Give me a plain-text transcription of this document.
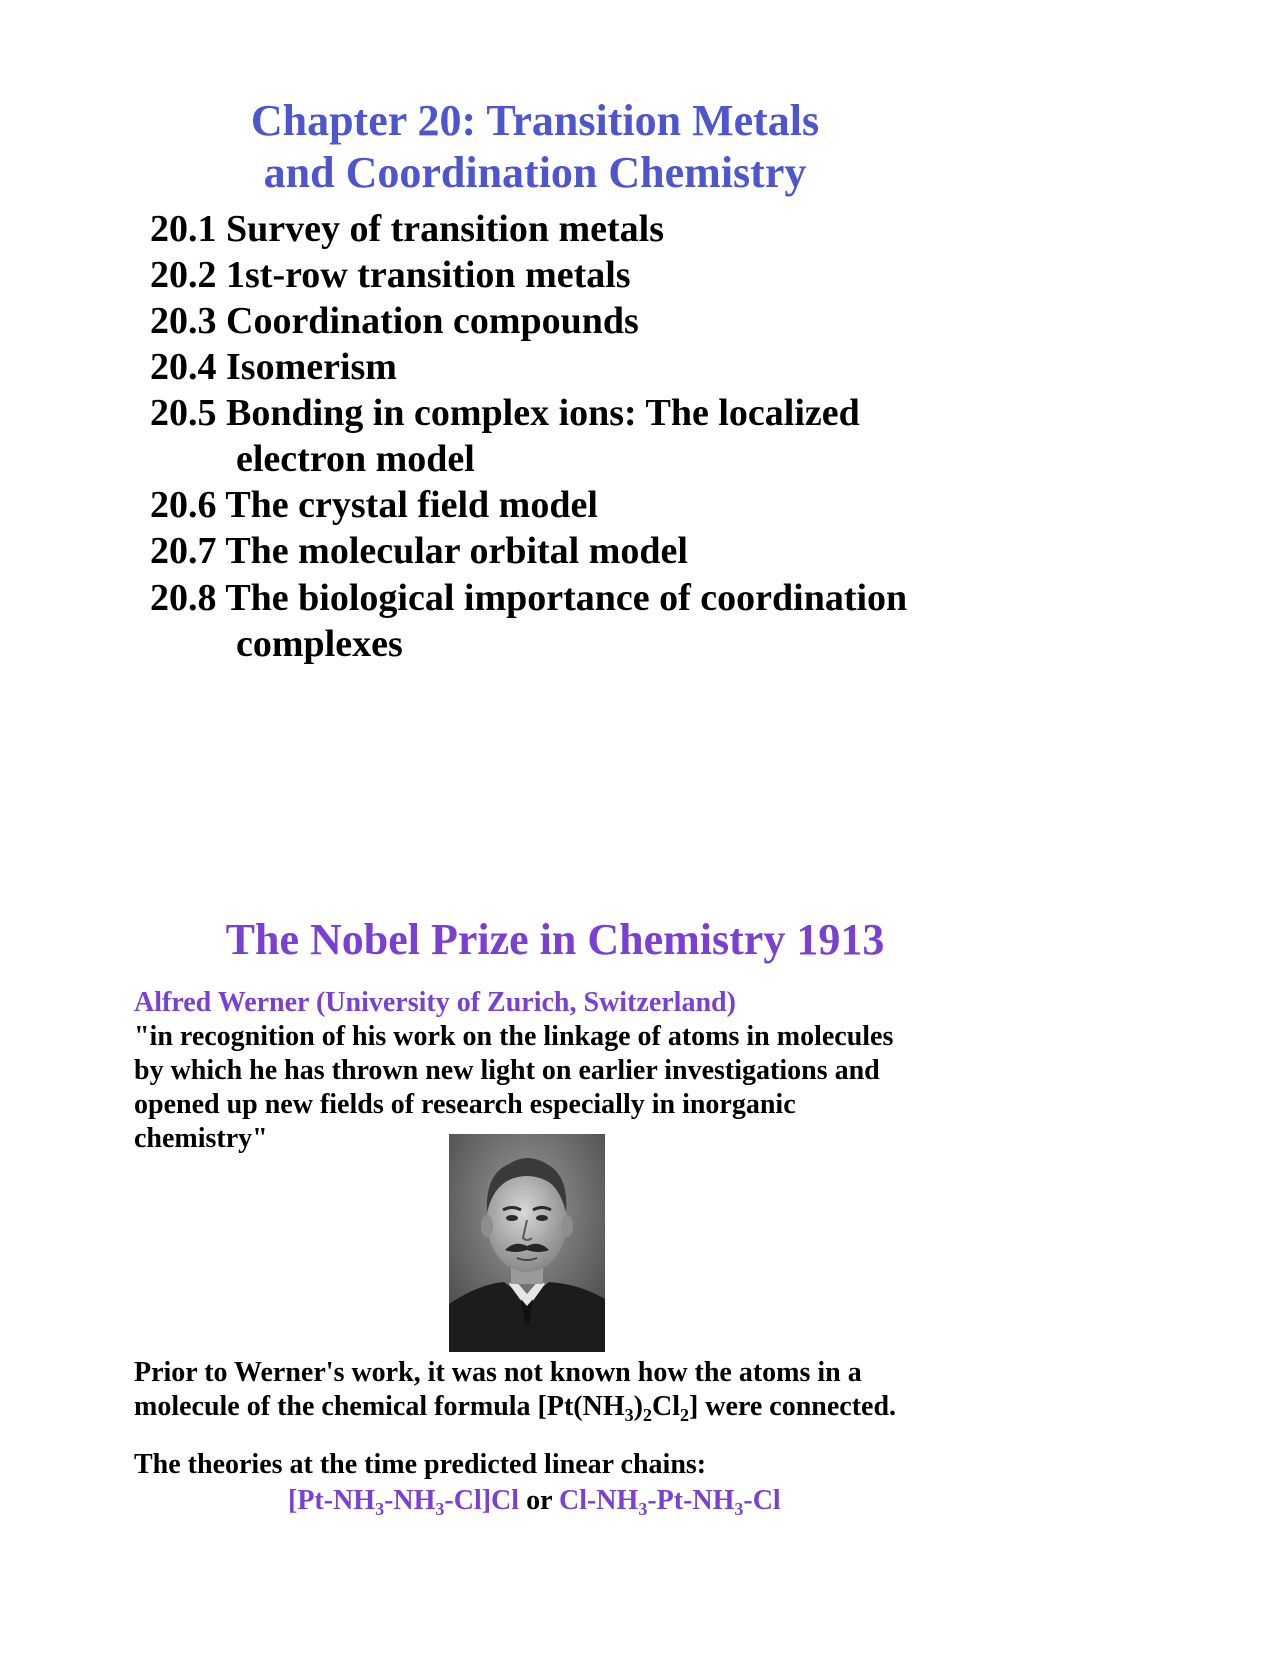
Chapter 20: Transition Metals
and Coordination Chemistry
20.1 Survey of transition metals
20.2 1st-row transition metals
20.3 Coordination compounds
20.4 Isomerism
20.5 Bonding in complex ions: The localized
electron model
20.6 The crystal field model
20.7 The molecular orbital model
20.8 The biological importance of coordination
complexes
The Nobel Prize in Chemistry 1913
Alfred Werner (University of Zurich, Switzerland)
"in recognition of his work on the linkage of atoms in molecules
by which he has thrown new light on earlier investigations and
opened up new fields of research especially in inorganic
chemistry"
Prior to Werner's work, it was not known how the atoms in a
molecule of the chemical formula $[Pt(NH_3)_2Cl_2]$ were connected.
The theories at the time predicted linear chains:
$[Pt-NH_3-NH_3-Cl]Cl$ or $Cl-NH_3-Pt-NH_3-Cl$
